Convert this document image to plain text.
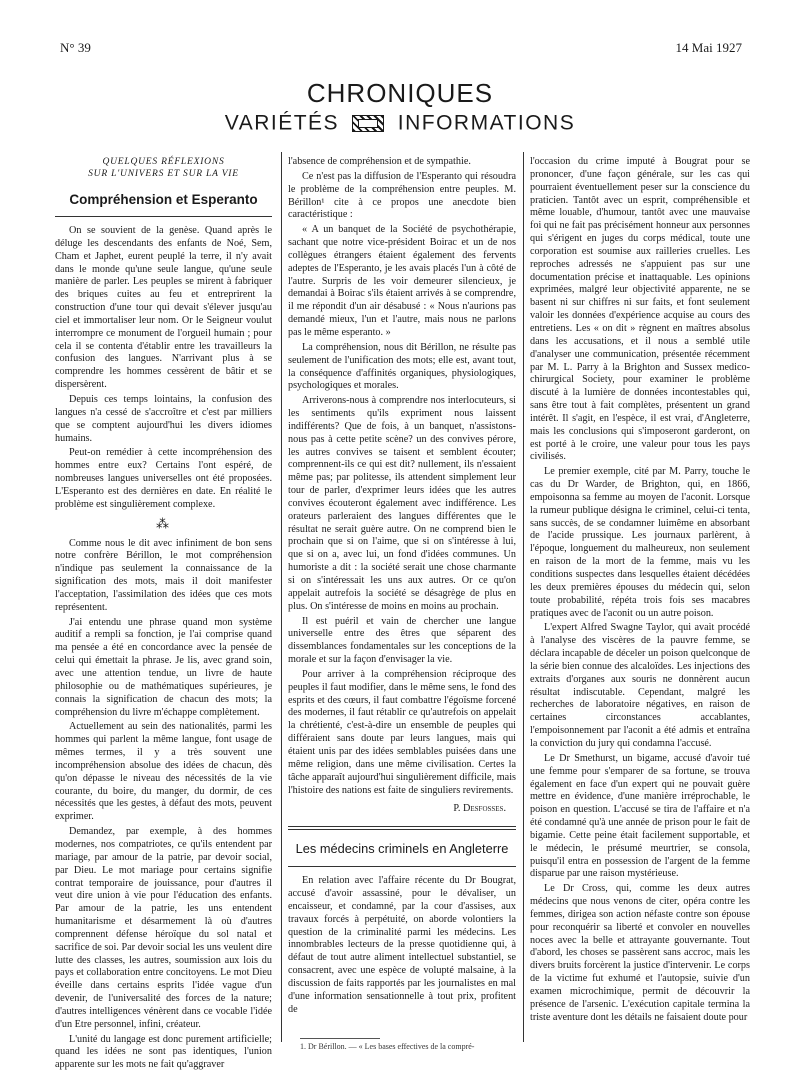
N° 39	14 Mai 1927
CHRONIQUES
VARIÉTÉS	INFORMATIONS
QUELQUES RÉFLEXIONS
SUR L'UNIVERS ET SUR LA VIE
Compréhension et Esperanto

On se souvient de la genèse. Quand après le déluge les descendants des enfants de Noé, Sem, Cham et Japhet, eurent peuplé la terre, il n'y avait dans le monde qu'une seule langue, qu'une seule manière de parler. Les peuples se mirent à fabriquer des briques cuites au feu et entreprirent la construction d'une tour qui devait s'élever jusqu'au ciel et immortaliser leur nom. Or le Seigneur voulut interrompre ce monument de l'orgueil humain ; pour cela il se contenta d'établir entre les travailleurs la confusion des langues. N'arrivant plus à se comprendre les hommes cessèrent de bâtir et se dispersèrent.

Depuis ces temps lointains, la confusion des langues n'a cessé de s'accroître et c'est par milliers que se comptent aujourd'hui les divers idiomes humains.

Peut-on remédier à cette incompréhension des hommes entre eux? Certains l'ont espéré, de nombreuses langues universelles ont été proposées. L'Esperanto est des dernières en date. En réalité le problème est singulièrement complexe.

⁂

Comme nous le dit avec infiniment de bon sens notre confrère Bérillon, le mot compréhension n'indique pas seulement la connaissance de la signification des mots, mais il doit manifester l'acceptation, l'assimilation des idées que ces mots représentent.

J'ai entendu une phrase quand mon système auditif a rempli sa fonction, je l'ai comprise quand ma pensée a été en concordance avec la pensée de celui qui émettait la phrase. Je lis, avec grand soin, avec une attention tendue, un livre de haute philosophie ou de mathématiques supérieures, je connais la signification de chacun des mots; la compréhension du livre m'échappe complètement.

Actuellement au sein des nationalités, parmi les hommes qui parlent la même langue, font usage de mêmes termes, il y a très souvent une incompréhension absolue des idées de chacun, dès qu'on dépasse le niveau des nécessités de la vie courante, du boire, du manger, du dormir, de ces nécessités que les gestes, à défaut des mots, peuvent exprimer.

Demandez, par exemple, à des hommes modernes, nos compatriotes, ce qu'ils entendent par mariage, par amour de la patrie, par devoir social, par Dieu. Le mot mariage pour certains signifie contrat temporaire de jouissance, pour d'autres il veut dire union à vie pour l'éducation des enfants. Par amour de la patrie, les uns entendent humanitarisme et désarmement là où d'autres comprennent défense héroïque du sol natal et sacrifice de soi. Par devoir social les uns veulent dire lutte des classes, les autres, soumission aux lois du pays et collaboration entre concitoyens. Le mot Dieu éveille dans certains esprits l'idée vague d'un devenir, de l'universalité des forces de la nature; d'autres intelligences vénèrent dans ce vocable l'idée d'un Etre personnel, infini, créateur.

L'unité du langage est donc purement artificielle; quand les idées ne sont pas identiques, l'union apparente sur les mots ne fait qu'aggraver

l'absence de compréhension et de sympathie.

Ce n'est pas la diffusion de l'Esperanto qui résoudra le problème de la compréhension entre peuples. M. Bérillon¹ cite à ce propos une anecdote bien caractéristique :

« A un banquet de la Société de psychothérapie, sachant que notre vice-président Boirac et un de nos collègues étrangers étaient également des fervents adeptes de l'Esperanto, je les avais placés l'un à côté de l'autre. Surpris de les voir demeurer silencieux, je demandai à Boirac s'ils étaient arrivés à se comprendre, il me répondit d'un air désabusé : « Nous n'aurions pas demandé mieux, l'un et l'autre, mais nous ne parlons pas le même esperanto. »

La compréhension, nous dit Bérillon, ne résulte pas seulement de l'unification des mots; elle est, avant tout, la conséquence d'affinités organiques, physiologiques, psychologiques et morales.

Arriverons-nous à comprendre nos interlocuteurs, si les sentiments qu'ils expriment nous laissent indifférents? Que de fois, à un banquet, n'assistons-nous pas à cette petite scène? un des convives pérore, les autres convives se taisent et semblent écouter; comprennent-ils ce qui est dit? nullement, ils n'essaient même pas; par politesse, ils attendent simplement leur tour de parler, d'exprimer leurs idées que les autres convives écouteront également avec indifférence. Les orateurs parleraient des langues différentes que le résultat ne serait guère autre. On ne comprend bien le prochain que si on l'aime, que si on s'intéresse à lui, que si on a, avec lui, un fond d'idées communes. Un humoriste a dit : la société serait une chose charmante si on s'intéressait les uns aux autres. Or ce qu'on appelait autrefois la société se désagrège de plus en plus. On s'intéresse de moins en moins au prochain.

Il est puéril et vain de chercher une langue universelle entre des êtres que séparent des dissemblances fondamentales sur les conceptions de la morale et sur la façon d'envisager la vie.

Pour arriver à la compréhension réciproque des peuples il faut modifier, dans le même sens, le fond des esprits et des cœurs, il faut combattre l'égoïsme forcené des modernes, il faut rétablir ce qu'autrefois on appelait la chrétienté, c'est-à-dire un ensemble de peuples qui différaient sans doute par leurs langues, mais qui étaient unis par des idées semblables puisées dans une même religion, dans une même civilisation. Certes la tâche apparaît aujourd'hui singulièrement difficile, mais l'histoire des nations est faite de singuliers revirements.

P. Desfosses.
Les médecins criminels en Angleterre

En relation avec l'affaire récente du Dr Bougrat, accusé d'avoir assassiné, pour le dévaliser, un encaisseur, et condamné, par la cour d'assises, aux travaux forcés à perpétuité, on aborde volontiers la question de la criminalité parmi les médecins. Les innombrables lecteurs de la presse quotidienne qui, à défaut de tout autre aliment intellectuel substantiel, se consacrent, avec une espèce de volupté malsaine, à la discussion de faits rapportés par les journalistes en mal d'une information sensationnelle à tout prix, profitent de

1. Dr Bérillon. — « Les bases effectives de la compré-

l'occasion du crime imputé à Bougrat pour se prononcer, d'une façon générale, sur les cas qui pourraient éventuellement peser sur la conscience du praticien. Tantôt avec un esprit, compréhensible et même louable, d'humour, tantôt avec une mauvaise foi qui ne fait pas précisément honneur aux personnes qui s'érigent en juges du corps médical, toute une corporation est soumise aux railleries cruelles. Les reproches adressés ne s'appuient pas sur une documentation précise et inattaquable. Les opinions exprimées, malgré leur objectivité apparente, ne se basent ni sur chiffres ni sur faits, et font seulement valoir les données d'expérience acquise au cours des entretiens. Les « on dit » règnent en maîtres absolus dans les accusations, et il nous a semblé utile d'analyser une communication, présentée récemment par M. L. Parry à la Brighton and Sussex medico-chirurgical Society, pour examiner le problème discuté à la lumière de données incontestables qui, sans être tout à fait complètes, présentent un grand intérêt. Il s'agit, en l'espèce, il est vrai, d'Angleterre, mais les conclusions qui s'imposeront garderont, on est porté à le croire, une valeur pour tous les pays civilisés.

Le premier exemple, cité par M. Parry, touche le cas du Dr Warder, de Brighton, qui, en 1866, empoisonna sa femme au moyen de l'aconit. Lorsque la rumeur publique désigna le criminel, celui-ci tenta, sans succès, de se condamner luimême en absorbant de l'acide prussique. Les journaux parlèrent, à l'époque, longuement du malheureux, non seulement en raison de la mort de la femme, mais vu les conditions suspectes dans lesquelles étaient décédées les deux premières épouses du médecin qui, selon toute probabilité, répéta trois fois ses macabres pratiques avec de l'aconit ou un autre poison.

L'expert Alfred Swagne Taylor, qui avait procédé à l'analyse des viscères de la pauvre femme, se déclara incapable de déceler un poison quelconque de la série bien connue des alcaloïdes. Les injections des extraits d'organes aux souris ne donnèrent aucun résultat indiscutable. Cependant, malgré les recherches de laboratoire négatives, en raison de certaines circonstances accablantes, l'empoisonnement par l'aconit a été admis et entraîna la conviction du jury qui condamna l'accusé.

Le Dr Smethurst, un bigame, accusé d'avoir tué une femme pour s'emparer de sa fortune, se trouva également en face d'un expert qui ne pouvait guère mettre en évidence, d'une manière irréprochable, le poison en question. L'accusé se tira de l'affaire et n'a été condamné qu'à une année de prison pour le fait de bigamie. Cette peine était facilement supportable, et le médecin, le présumé meurtrier, se consola, puisqu'il entra en possession de l'argent de la femme disparue par une raison mystérieuse.

Le Dr Cross, qui, comme les deux autres médecins que nous venons de citer, opéra contre les femmes, dirigea son action néfaste contre son épouse pour reconquérir sa liberté et convoler en nouvelles noces avec la belle et attrayante gouvernante. Tout d'abord, les choses se passèrent sans accroc, mais les divers bruits forcèrent la justice d'intervenir. Le corps de la victime fut exhumé et l'autopsie, suivie d'un examen microchimique, permit de découvrir la présence de l'arsenic. L'exécution capitale termina la triste aventure dont les détails ne faisaient doute pour
